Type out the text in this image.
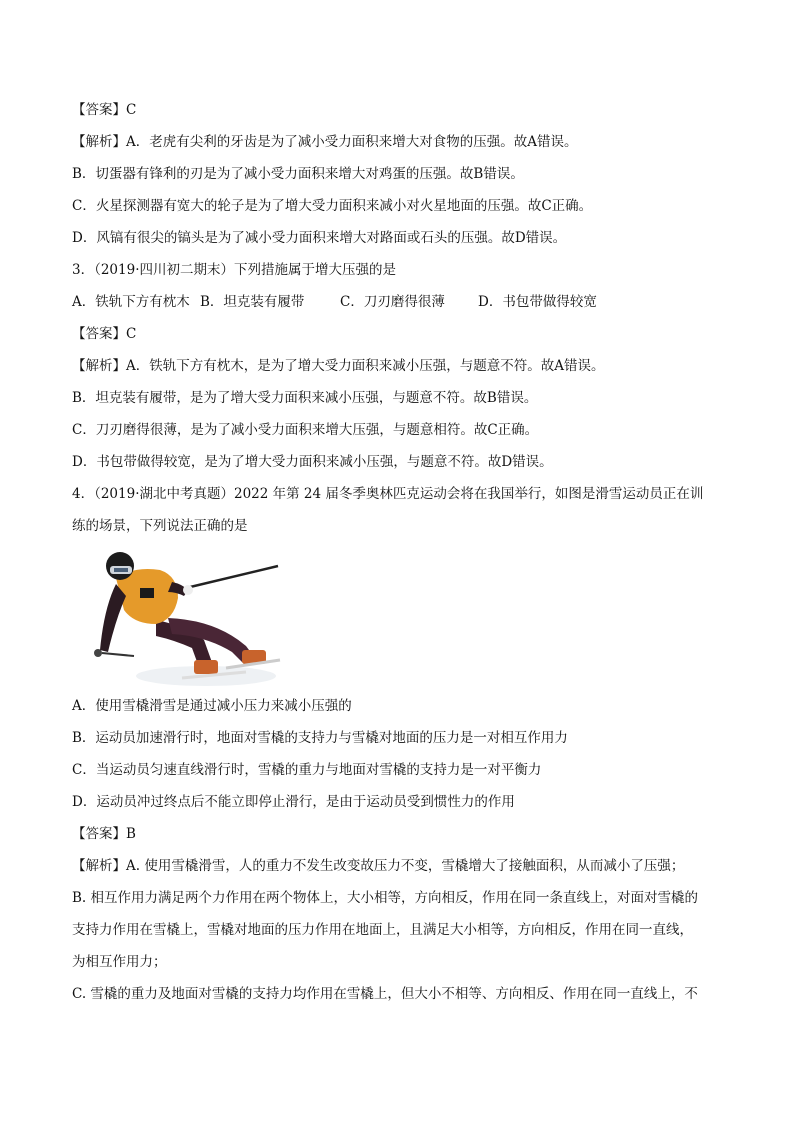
【答案】C
【解析】A．老虎有尖利的牙齿是为了减小受力面积来增大对食物的压强。故A错误。
B．切蛋器有锋利的刃是为了减小受力面积来增大对鸡蛋的压强。故B错误。
C．火星探测器有宽大的轮子是为了增大受力面积来减小对火星地面的压强。故C正确。
D．风镐有很尖的镐头是为了减小受力面积来增大对路面或石头的压强。故D错误。
3．（2019·四川初二期末）下列措施属于增大压强的是
A．铁轨下方有枕木 B．坦克装有履带	C．刀刃磨得很薄 D．书包带做得较宽
【答案】C
【解析】A．铁轨下方有枕木，是为了增大受力面积来减小压强，与题意不符。故A错误。
B．坦克装有履带，是为了增大受力面积来减小压强，与题意不符。故B错误。
C．刀刃磨得很薄，是为了减小受力面积来增大压强，与题意相符。故C正确。
D．书包带做得较宽，是为了增大受力面积来减小压强，与题意不符。故D错误。
4．（2019·湖北中考真题）2022 年第 24 届冬季奥林匹克运动会将在我国举行，如图是滑雪运动员正在训
练的场景，下列说法正确的是
A．使用雪橇滑雪是通过减小压力来减小压强的
B．运动员加速滑行时，地面对雪橇的支持力与雪橇对地面的压力是一对相互作用力
C．当运动员匀速直线滑行时，雪橇的重力与地面对雪橇的支持力是一对平衡力
D．运动员冲过终点后不能立即停止滑行，是由于运动员受到惯性力的作用
【答案】B
【解析】A. 使用雪橇滑雪，人的重力不发生改变故压力不变，雪橇增大了接触面积，从而减小了压强；
B. 相互作用力满足两个力作用在两个物体上，大小相等，方向相反，作用在同一条直线上，对面对雪橇的
支持力作用在雪橇上，雪橇对地面的压力作用在地面上，且满足大小相等，方向相反，作用在同一直线，
为相互作用力；
C. 雪橇的重力及地面对雪橇的支持力均作用在雪橇上，但大小不相等、方向相反、作用在同一直线上，不
